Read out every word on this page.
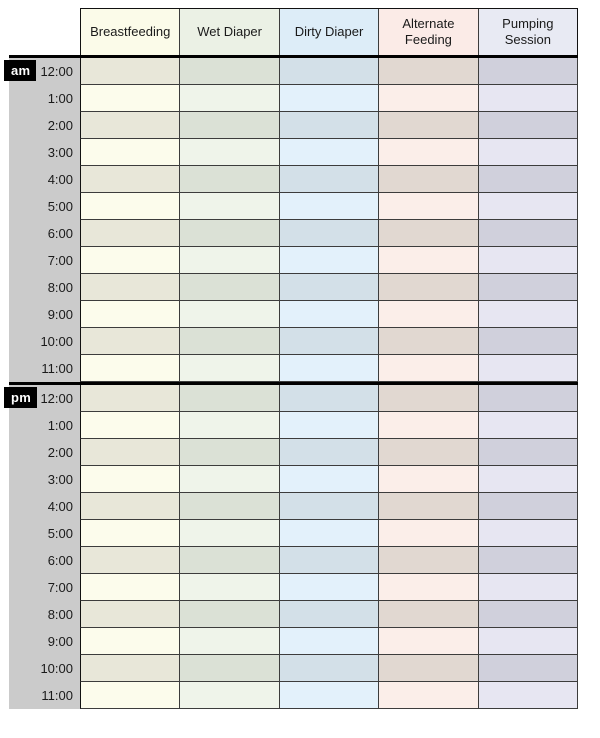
Breastfeeding	Wet Diaper	Dirty Diaper
Alternate Feeding
Pumping Session
am 12:00
1:00
2:00
3:00
4:00
5:00
6:00
7:00
8:00
9:00
10:00
11:00
pm 12:00
1:00
2:00
3:00
4:00
5:00
6:00
7:00
8:00
9:00
10:00
11:00
